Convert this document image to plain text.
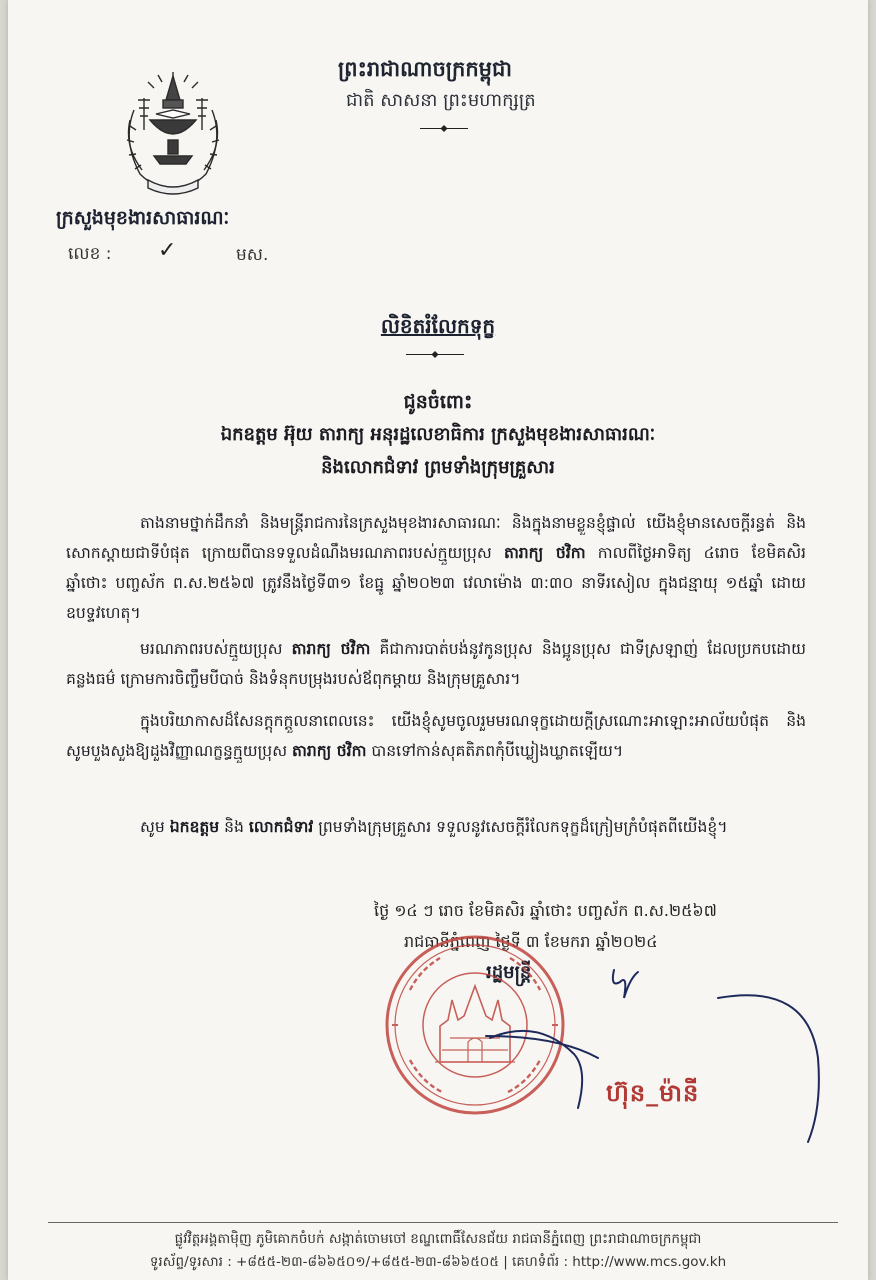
ព្រះរាជាណាចក្រកម្ពុជា
ជាតិ សាសនា ព្រះមហាក្សត្រ
ក្រសួងមុខងារសាធារណៈ
លេខ : ✓	មស.
លិខិតរំលែកទុក្ខ
ជូនចំពោះ
ឯកឧត្តម អ៊ុយ តារាក្យ អនុរដ្ឋលេខាធិការ ក្រសួងមុខងារសាធារណៈ
និងលោកជំទាវ ព្រមទាំងក្រុមគ្រួសារ
តាងនាមថ្នាក់ដឹកនាំ និងមន្ត្រីរាជការនៃក្រសួងមុខងារសាធារណៈ និងក្នុងនាមខ្លួនខ្ញុំផ្ទាល់ យើងខ្ញុំមានសេចក្តីរន្ធត់ និងសោកស្តាយជាទីបំផុត ក្រោយពីបានទទួលដំណឹងមរណភាពរបស់ក្មួយប្រុស តារាក្យ ថវិកា កាលពីថ្ងៃអាទិត្យ ៤រោច ខែមិគសិរ ឆ្នាំថោះ បញ្ចស័ក ព.ស.២៥៦៧ ត្រូវនឹងថ្ងៃទី៣១ ខែធ្នូ ឆ្នាំ២០២៣ វេលាម៉ោង ៣:៣០ នាទីរសៀល ក្នុងជន្មាយុ ១៥ឆ្នាំ ដោយឧបទ្ទវហេតុ។
មរណភាពរបស់ក្មួយប្រុស តារាក្យ ថវិកា គឺជាការបាត់បង់នូវកូនប្រុស និងប្អូនប្រុស ជាទីស្រឡាញ់ ដែលប្រកបដោយគន្លងធម៌ ក្រោមការចិញ្ចឹមបីបាច់ និងទំនុកបម្រុងរបស់ឪពុកម្តាយ និងក្រុមគ្រួសារ។
ក្នុងបរិយាកាសដ៏សែនក្តុកក្តួលនាពេលនេះ យើងខ្ញុំសូមចូលរួមមរណទុក្ខដោយក្តីស្រណោះអាឡោះអាល័យបំផុត និងសូមបួងសួងឱ្យដួងវិញ្ញាណក្ខន្ធក្មួយប្រុស តារាក្យ ថវិកា បានទៅកាន់សុគតិភពកុំបីឃ្លៀងឃ្លាតឡើយ។
សូម ឯកឧត្តម និង លោកជំទាវ ព្រមទាំងក្រុមគ្រួសារ ទទួលនូវសេចក្តីរំលែកទុក្ខដ៏ក្រៀមក្រំបំផុតពីយើងខ្ញុំ។
ថ្ងៃ ១៤ ៗ រោច ខែមិគសិរ ឆ្នាំថោះ បញ្ចស័ក ព.ស.២៥៦៧
រាជធានីភ្នំពេញ ថ្ងៃទី ៣ ខែមករា ឆ្នាំ២០២៤
រដ្ឋមន្ត្រី
ហ៊ុន_ម៉ានី
ផ្លូវវិត្តអង្គតាម៉ិញ ភូមិគោកចំបក់ សង្កាត់ចោមចៅ ខណ្ឌពោធិ៍សែនជ័យ រាជធានីភ្នំពេញ ព្រះរាជាណាចក្រកម្ពុជា
ទូរស័ព្ទ/ទូរសារ : +៨៥៥-២៣-៨៦៦៥០១/+៨៥៥-២៣-៨៦៦៥០៥ | គេហទំព័រ : http://www.mcs.gov.kh
